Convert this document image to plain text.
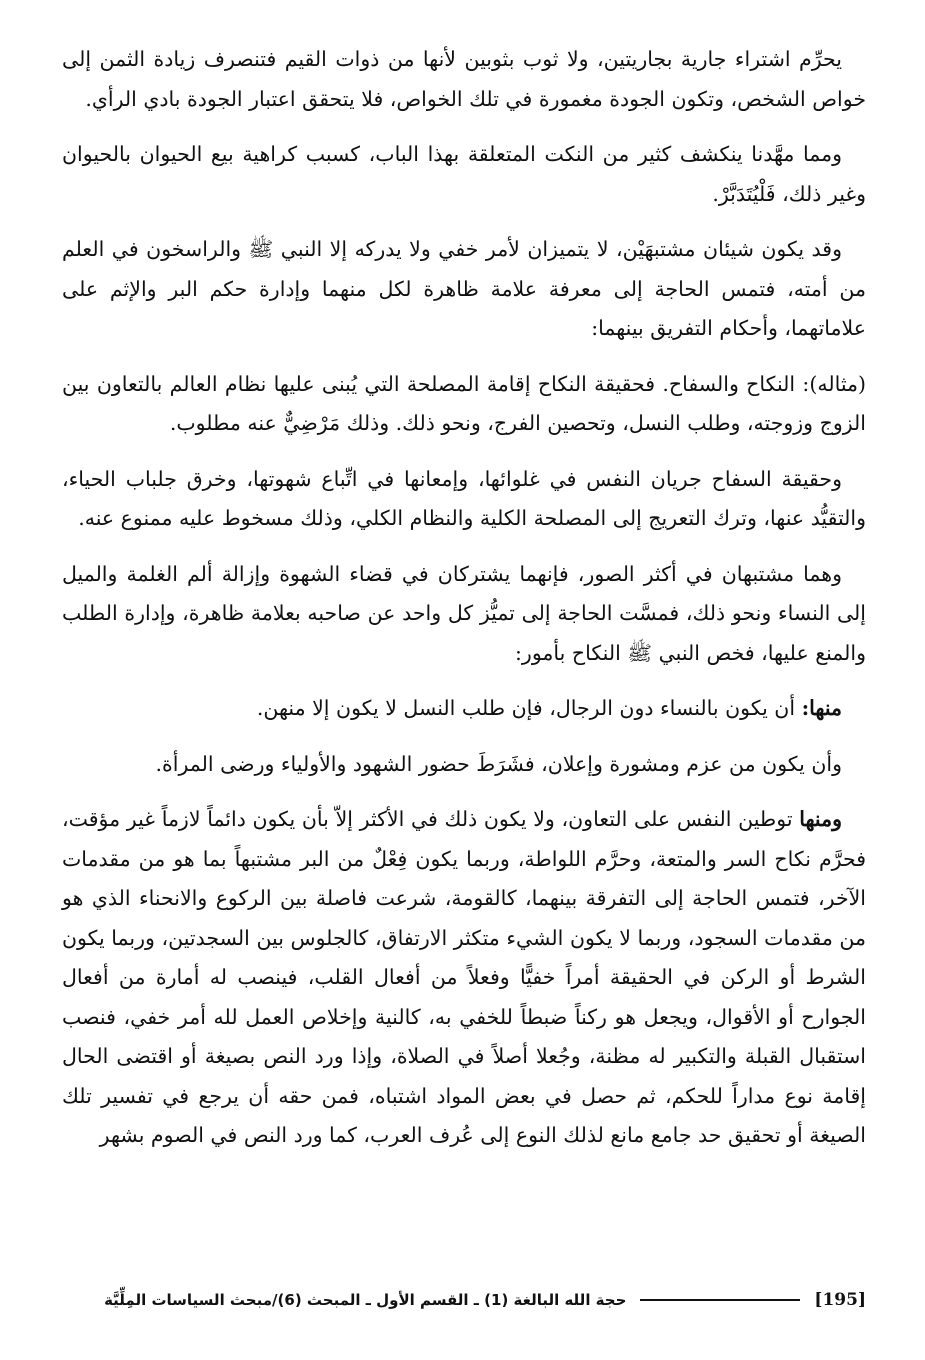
يحرِّم اشتراء جارية بجاريتين، ولا ثوب بثوبين لأنها من ذوات القيم فتنصرف زيادة الثمن إلى خواص الشخص، وتكون الجودة مغمورة في تلك الخواص، فلا يتحقق اعتبار الجودة بادي الرأي.

ومما مهَّدنا ينكشف كثير من النكت المتعلقة بهذا الباب، كسبب كراهية بيع الحيوان بالحيوان وغير ذلك، فَلْيُتَدَبَّرْ.

وقد يكون شيئان مشتبهَيْن، لا يتميزان لأمر خفي ولا يدركه إلا النبي ﷺ والراسخون في العلم من أمته، فتمس الحاجة إلى معرفة علامة ظاهرة لكل منهما وإدارة حكم البر والإثم على علاماتهما، وأحكام التفريق بينهما:

(مثاله): النكاح والسفاح. فحقيقة النكاح إقامة المصلحة التي يُبنى عليها نظام العالم بالتعاون بين الزوج وزوجته، وطلب النسل، وتحصين الفرج، ونحو ذلك. وذلك مَرْضِيٌّ عنه مطلوب.

وحقيقة السفاح جريان النفس في غلوائها، وإمعانها في اتِّباع شهوتها، وخرق جلباب الحياء، والتقيُّد عنها، وترك التعريج إلى المصلحة الكلية والنظام الكلي، وذلك مسخوط عليه ممنوع عنه.

وهما مشتبهان في أكثر الصور، فإنهما يشتركان في قضاء الشهوة وإزالة ألم الغلمة والميل إلى النساء ونحو ذلك، فمسَّت الحاجة إلى تميُّز كل واحد عن صاحبه بعلامة ظاهرة، وإدارة الطلب والمنع عليها، فخص النبي ﷺ النكاح بأمور:

منها: أن يكون بالنساء دون الرجال، فإن طلب النسل لا يكون إلا منهن.

وأن يكون من عزم ومشورة وإعلان، فشَرَطَ حضور الشهود والأولياء ورضى المرأة.

ومنها توطين النفس على التعاون، ولا يكون ذلك في الأكثر إلاّ بأن يكون دائماً لازماً غير مؤقت، فحرَّم نكاح السر والمتعة، وحرَّم اللواطة، وربما يكون فِعْلٌ من البر مشتبهاً بما هو من مقدمات الآخر، فتمس الحاجة إلى التفرقة بينهما، كالقومة، شرعت فاصلة بين الركوع والانحناء الذي هو من مقدمات السجود، وربما لا يكون الشيء متكثر الارتفاق، كالجلوس بين السجدتين، وربما يكون الشرط أو الركن في الحقيقة أمراً خفيًّا وفعلاً من أفعال القلب، فينصب له أمارة من أفعال الجوارح أو الأقوال، ويجعل هو ركناً ضبطاً للخفي به، كالنية وإخلاص العمل لله أمر خفي، فنصب استقبال القبلة والتكبير له مظنة، وجُعلا أصلاً في الصلاة، وإذا ورد النص بصيغة أو اقتضى الحال إقامة نوع مداراً للحكم، ثم حصل في بعض المواد اشتباه، فمن حقه أن يرجع في تفسير تلك الصيغة أو تحقيق حد جامع مانع لذلك النوع إلى عُرف العرب، كما ورد النص في الصوم بشهر

[195]
حجة الله البالغة (1) ـ القسم الأول ـ المبحث (6)/مبحث السياسات المِلِّيَّة
